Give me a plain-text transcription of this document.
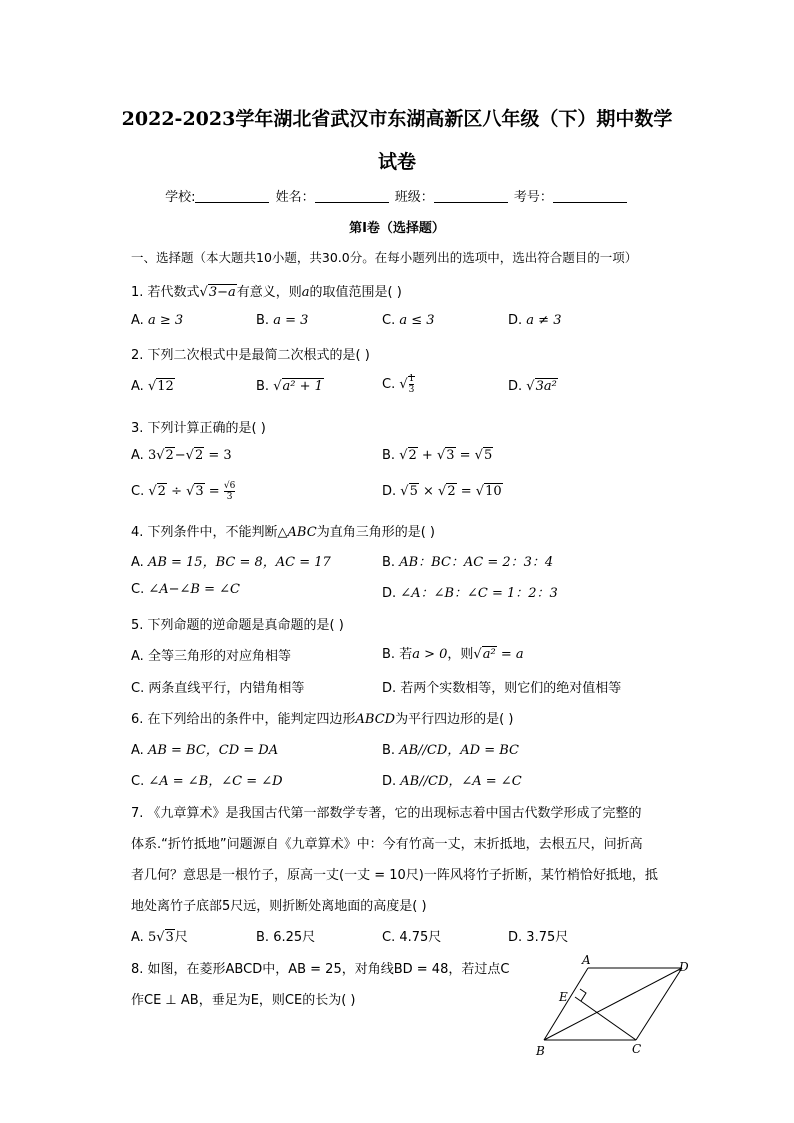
2022-2023学年湖北省武汉市东湖高新区八年级（下）期中数学
试卷
学校:	姓名：	班级：	考号：
第Ⅰ卷（选择题）
一、选择题（本大题共10小题，共30.0分。在每小题列出的选项中，选出符合题目的一项）
1. 若代数式√3−a有意义，则a的取值范围是( )
A. a ≥ 3	B. a = 3	C. a ≤ 3	D. a ≠ 3
2. 下列二次根式中是最简二次根式的是( )
A. √12	B. √a² + 1	C. √ $\frac{1}{3}$	D. √3a²
3. 下列计算正确的是( )
A. 3√2−√2 = 3	B. √2 + √3 = √5
C. $√2 \div √3 = \frac{√6}{3}$	D. √5 × √2 = √10
4. 下列条件中，不能判断△ABC为直角三角形的是( )
A. AB = 15，BC = 8，AC = 17	B. AB：BC：AC = 2：3：4
C. ∠A−∠B = ∠C	D. ∠A：∠B：∠C = 1：2：3
5. 下列命题的逆命题是真命题的是( )
A. 全等三角形的对应角相等	B. 若a > 0，则√a² = a
C. 两条直线平行，内错角相等	D. 若两个实数相等，则它们的绝对值相等
6. 在下列给出的条件中，能判定四边形ABCD为平行四边形的是( )
A. AB = BC，CD = DA	B. AB//CD，AD = BC
C. ∠A = ∠B，∠C = ∠D	D. AB//CD，∠A = ∠C
7. 《九章算术》是我国古代第一部数学专著，它的出现标志着中国古代数学形成了完整的
体系.“折竹抵地”问题源自《九章算术》中：今有竹高一丈，末折抵地，去根五尺，问折高
者几何？意思是一根竹子，原高一丈(一丈 = 10尺)一阵风将竹子折断，某竹梢恰好抵地，抵
地处离竹子底部5尺远，则折断处离地面的高度是( )
A. 5√3尺	B. 6.25尺	C. 4.75尺	D. 3.75尺
8. 如图，在菱形ABCD中，AB = 25，对角线BD = 48，若过点C
作CE ⊥ AB，垂足为E，则CE的长为( )
A	D
E
B	C
